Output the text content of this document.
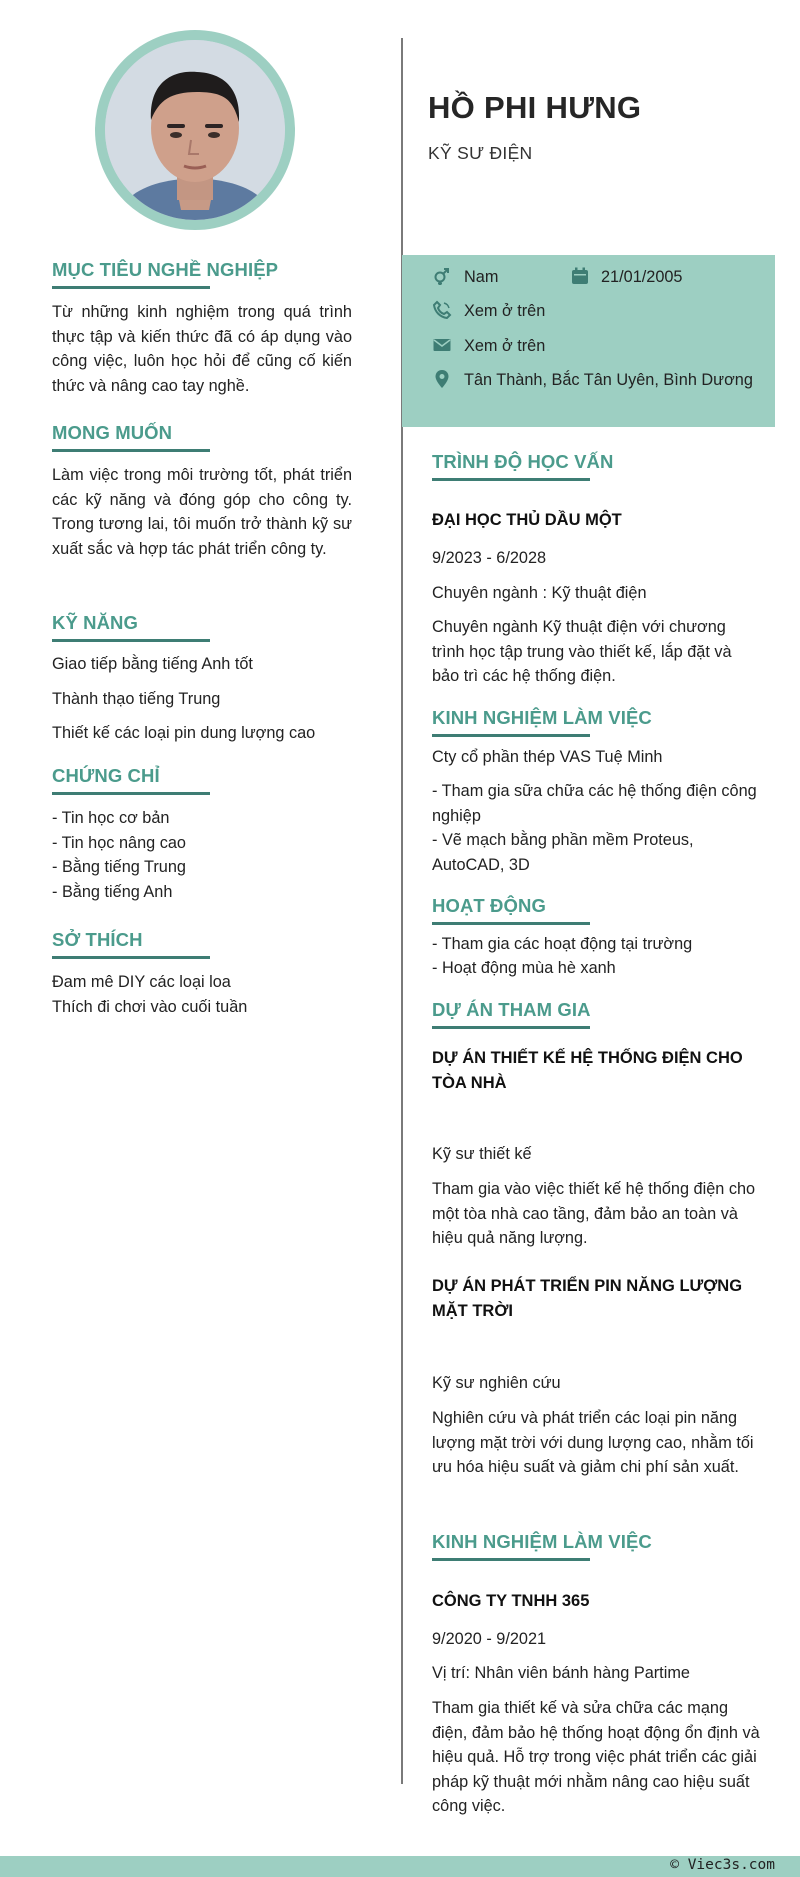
MỤC TIÊU NGHỀ NGHIỆP
Từ những kinh nghiệm trong quá trình thực tập và kiến thức đã có áp dụng vào công việc, luôn học hỏi để cũng cố kiến thức và nâng cao tay nghề.
MONG MUỐN
Làm việc trong môi trường tốt, phát triển các kỹ năng và đóng góp cho công ty. Trong tương lai, tôi muốn trở thành kỹ sư xuất sắc và hợp tác phát triển công ty.
KỸ NĂNG
Giao tiếp bằng tiếng Anh tốt
Thành thạo tiếng Trung
Thiết kế các loại pin dung lượng cao
CHỨNG CHỈ
- Tin học cơ bản
- Tin học nâng cao
- Bằng tiếng Trung
- Bằng tiếng Anh
SỞ THÍCH
Đam mê DIY các loại loa
Thích đi chơi vào cuối tuần
HỒ PHI HƯNG
KỸ SƯ ĐIỆN
Nam	21/01/2005
Xem ở trên
Xem ở trên
Tân Thành, Bắc Tân Uyên, Bình Dương
TRÌNH ĐỘ HỌC VẤN
ĐẠI HỌC THỦ DẦU MỘT
9/2023 - 6/2028
Chuyên ngành : Kỹ thuật điện
Chuyên ngành Kỹ thuật điện với chương trình học tập trung vào thiết kế, lắp đặt và bảo trì các hệ thống điện.
KINH NGHIỆM LÀM VIỆC
Cty cổ phần thép VAS Tuệ Minh
- Tham gia sữa chữa các hệ thống điện công nghiệp
- Vẽ mạch bằng phần mềm Proteus, AutoCAD, 3D
HOẠT ĐỘNG
- Tham gia các hoạt động tại trường
- Hoạt động mùa hè xanh
DỰ ÁN THAM GIA
DỰ ÁN THIẾT KẾ HỆ THỐNG ĐIỆN CHO TÒA NHÀ
Kỹ sư thiết kế
Tham gia vào việc thiết kế hệ thống điện cho một tòa nhà cao tầng, đảm bảo an toàn và hiệu quả năng lượng.
DỰ ÁN PHÁT TRIỂN PIN NĂNG LƯỢNG MẶT TRỜI
Kỹ sư nghiên cứu
Nghiên cứu và phát triển các loại pin năng lượng mặt trời với dung lượng cao, nhằm tối ưu hóa hiệu suất và giảm chi phí sản xuất.
KINH NGHIỆM LÀM VIỆC
CÔNG TY TNHH 365
9/2020 - 9/2021
Vị trí: Nhân viên bánh hàng Partime
Tham gia thiết kế và sửa chữa các mạng điện, đảm bảo hệ thống hoạt động ổn định và hiệu quả. Hỗ trợ trong việc phát triển các giải pháp kỹ thuật mới nhằm nâng cao hiệu suất công việc.
© Viec3s.com
